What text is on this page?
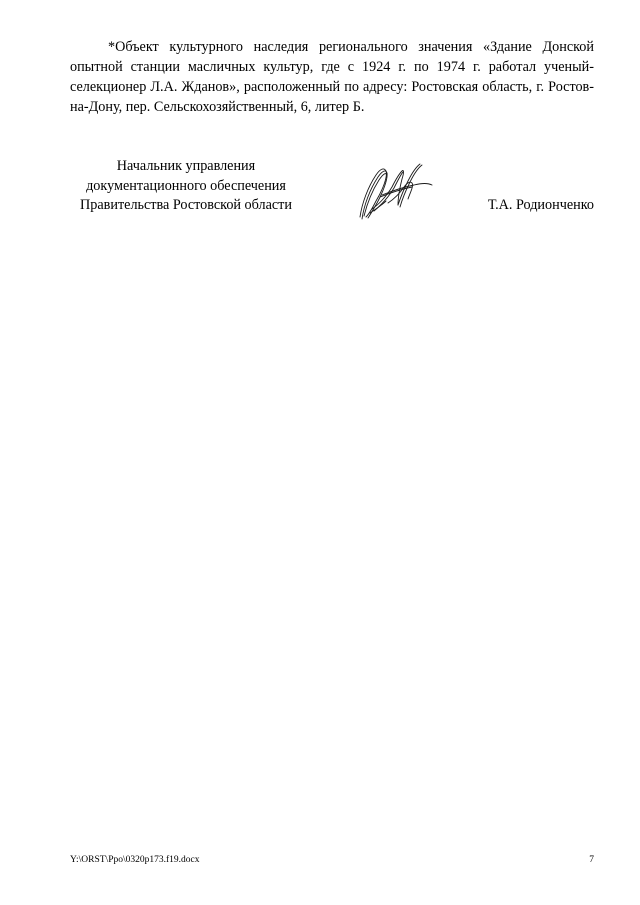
*Объект культурного наследия регионального значения «Здание Донской опытной станции масличных культур, где с 1924 г. по 1974 г. работал ученый-селекционер Л.А. Жданов», расположенный по адресу: Ростовская область, г. Ростов-на-Дону, пер. Сельскохозяйственный, 6, литер Б.

Начальник управления
документационного обеспечения
Правительства Ростовской области	Т.А. Родионченко
Y:\ORST\Ppo\0320p173.f19.docx	7
